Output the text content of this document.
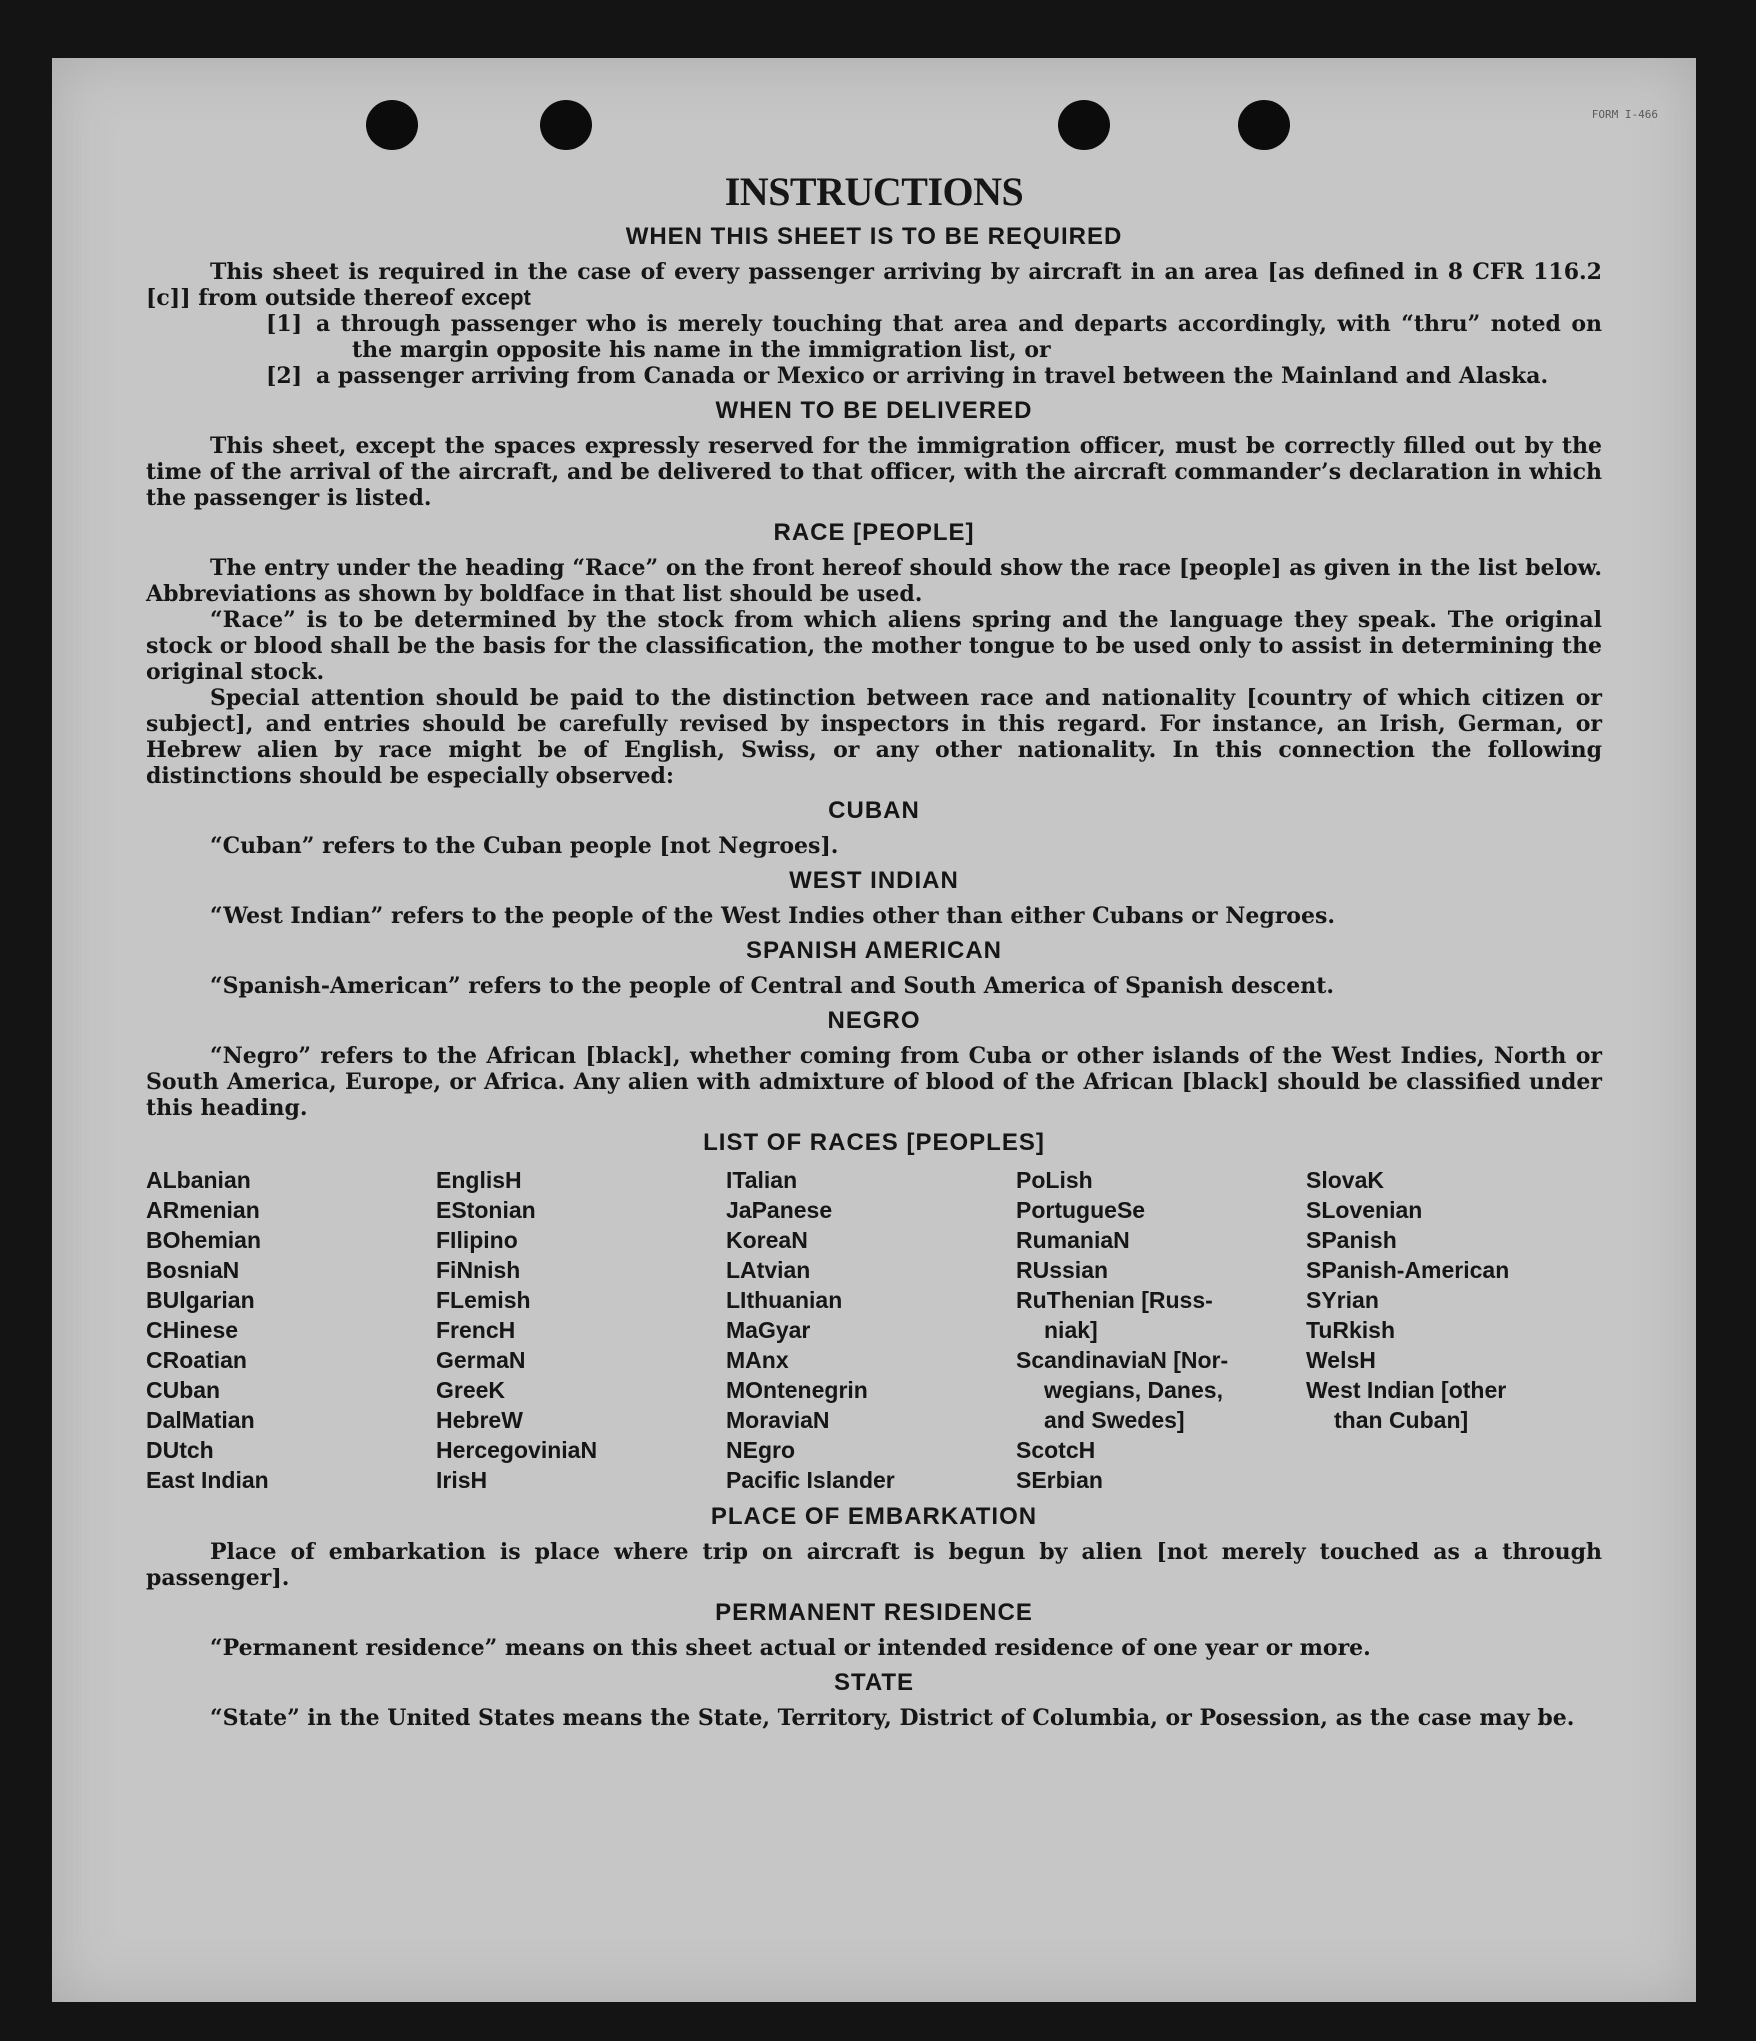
FORM I-466
INSTRUCTIONS
WHEN THIS SHEET IS TO BE REQUIRED

This sheet is required in the case of every passenger arriving by aircraft in an area [as defined in 8 CFR 116.2 [c]] from outside thereof except

[1] a through passenger who is merely touching that area and departs accordingly, with “thru” noted on the margin opposite his name in the immigration list, or
[2] a passenger arriving from Canada or Mexico or arriving in travel between the Mainland and Alaska.
WHEN TO BE DELIVERED

This sheet, except the spaces expressly reserved for the immigration officer, must be correctly filled out by the time of the arrival of the aircraft, and be delivered to that officer, with the aircraft commander’s declaration in which the passenger is listed.

RACE [PEOPLE]

The entry under the heading “Race” on the front hereof should show the race [people] as given in the list below. Abbreviations as shown by boldface in that list should be used.

“Race” is to be determined by the stock from which aliens spring and the language they speak. The original stock or blood shall be the basis for the classification, the mother tongue to be used only to assist in determining the original stock.

Special attention should be paid to the distinction between race and nationality [country of which citizen or subject], and entries should be carefully revised by inspectors in this regard. For instance, an Irish, German, or Hebrew alien by race might be of English, Swiss, or any other nationality. In this connection the following distinctions should be especially observed:

CUBAN

“Cuban” refers to the Cuban people [not Negroes].

WEST INDIAN

“West Indian” refers to the people of the West Indies other than either Cubans or Negroes.

SPANISH AMERICAN

“Spanish-American” refers to the people of Central and South America of Spanish descent.

NEGRO

“Negro” refers to the African [black], whether coming from Cuba or other islands of the West Indies, North or South America, Europe, or Africa. Any alien with admixture of blood of the African [black] should be classified under this heading.

LIST OF RACES [PEOPLES]
ALbanian
ARmenian
BOhemian
BosniaN
BUlgarian
CHinese
CRoatian
CUban
DalMatian
DUtch
East Indian
EnglisH
EStonian
FIlipino
FiNnish
FLemish
FrencH
GermaN
GreeK
HebreW
HercegoviniaN
IrisH
ITalian
JaPanese
KoreaN
LAtvian
LIthuanian
MaGyar
MAnx
MOntenegrin
MoraviaN
NEgro
Pacific Islander
PoLish
PortugueSe
RumaniaN
RUssian
RuThenian [Russ-
niak]
ScandinaviaN [Nor-
wegians, Danes,
and Swedes]
ScotcH
SErbian
SlovaK
SLovenian
SPanish
SPanish-American
SYrian
TuRkish
WelsH
West Indian [other
than Cuban]
PLACE OF EMBARKATION

Place of embarkation is place where trip on aircraft is begun by alien [not merely touched as a through passenger].

PERMANENT RESIDENCE

“Permanent residence” means on this sheet actual or intended residence of one year or more.

STATE

“State” in the United States means the State, Territory, District of Columbia, or Posession, as the case may be.
